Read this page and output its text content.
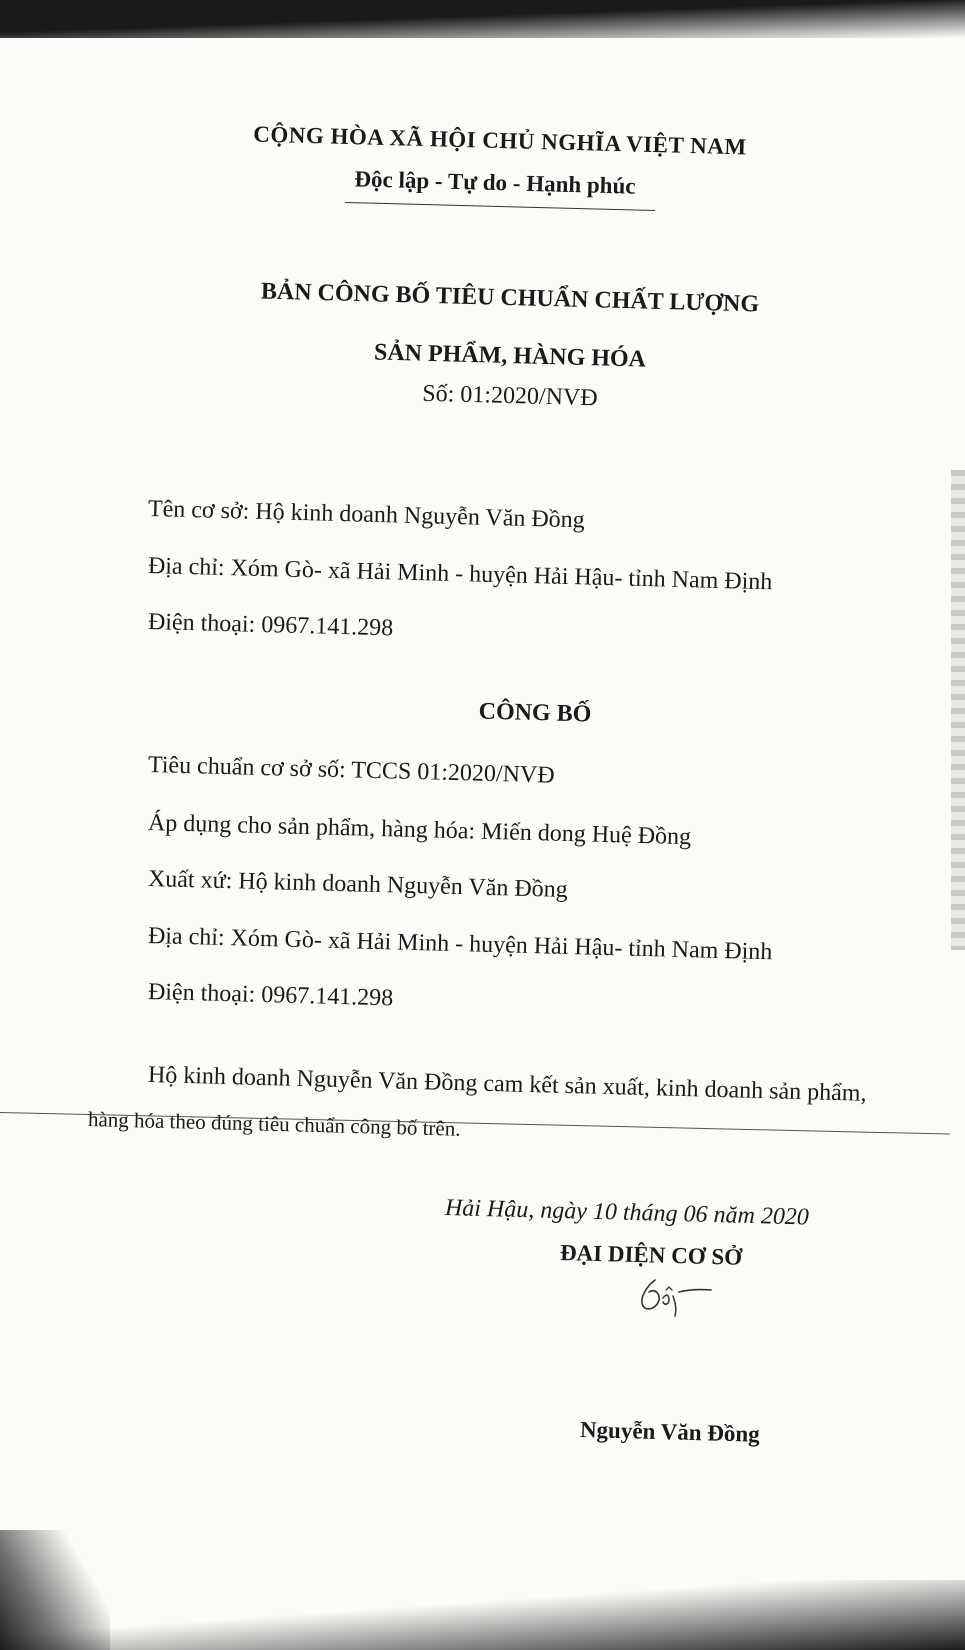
CỘNG HÒA XÃ HỘI CHỦ NGHĨA VIỆT NAM
Độc lập - Tự do - Hạnh phúc
BẢN CÔNG BỐ TIÊU CHUẨN CHẤT LƯỢNG
SẢN PHẨM, HÀNG HÓA
Số: 01:2020/NVĐ
Tên cơ sở: Hộ kinh doanh Nguyễn Văn Đồng
Địa chỉ: Xóm Gò- xã Hải Minh - huyện Hải Hậu- tỉnh Nam Định
Điện thoại: 0967.141.298
CÔNG BỐ
Tiêu chuẩn cơ sở số: TCCS 01:2020/NVĐ
Áp dụng cho sản phẩm, hàng hóa: Miến dong Huệ Đồng
Xuất xứ: Hộ kinh doanh Nguyễn Văn Đồng
Địa chỉ: Xóm Gò- xã Hải Minh - huyện Hải Hậu- tỉnh Nam Định
Điện thoại: 0967.141.298
Hộ kinh doanh Nguyễn Văn Đồng cam kết sản xuất, kinh doanh sản phẩm,
hàng hóa theo đúng tiêu chuẩn công bố trên.
Hải Hậu, ngày 10 tháng 06 năm 2020
ĐẠI DIỆN CƠ SỞ
Nguyễn Văn Đồng
